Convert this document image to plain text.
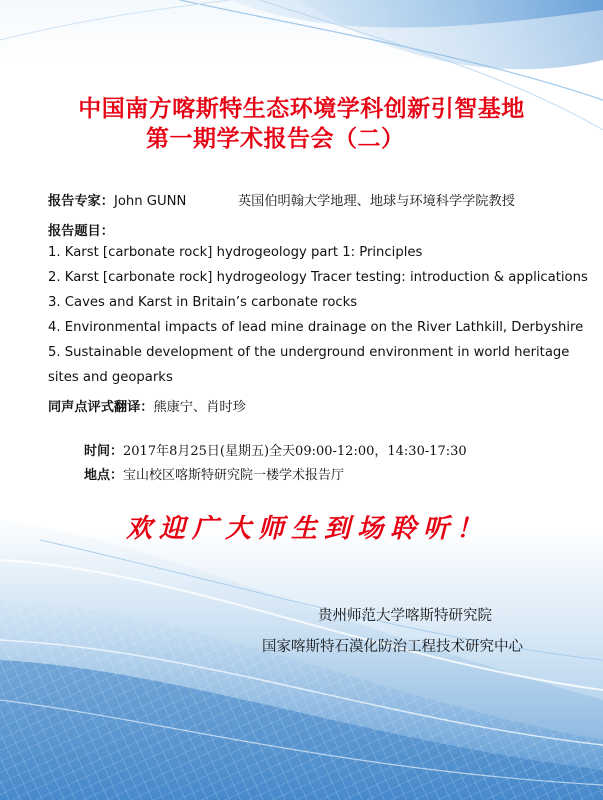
中国南方喀斯特生态环境学科创新引智基地
第一期学术报告会（二）
报告专家：John GUNN	英国伯明翰大学地理、地球与环境科学学院教授
报告题目：
1. Karst [carbonate rock] hydrogeology part 1: Principles
2. Karst [carbonate rock] hydrogeology Tracer testing: introduction & applications
3. Caves and Karst in Britain’s carbonate rocks
4. Environmental impacts of lead mine drainage on the River Lathkill, Derbyshire
5. Sustainable development of the underground environment in world heritage
sites and geoparks
同声点评式翻译：熊康宁、肖时珍
时间：2017年8月25日(星期五)全天09:00-12:00，14:30-17:30
地点：宝山校区喀斯特研究院一楼学术报告厅
欢迎广大师生到场聆听！
贵州师范大学喀斯特研究院
国家喀斯特石漠化防治工程技术研究中心
